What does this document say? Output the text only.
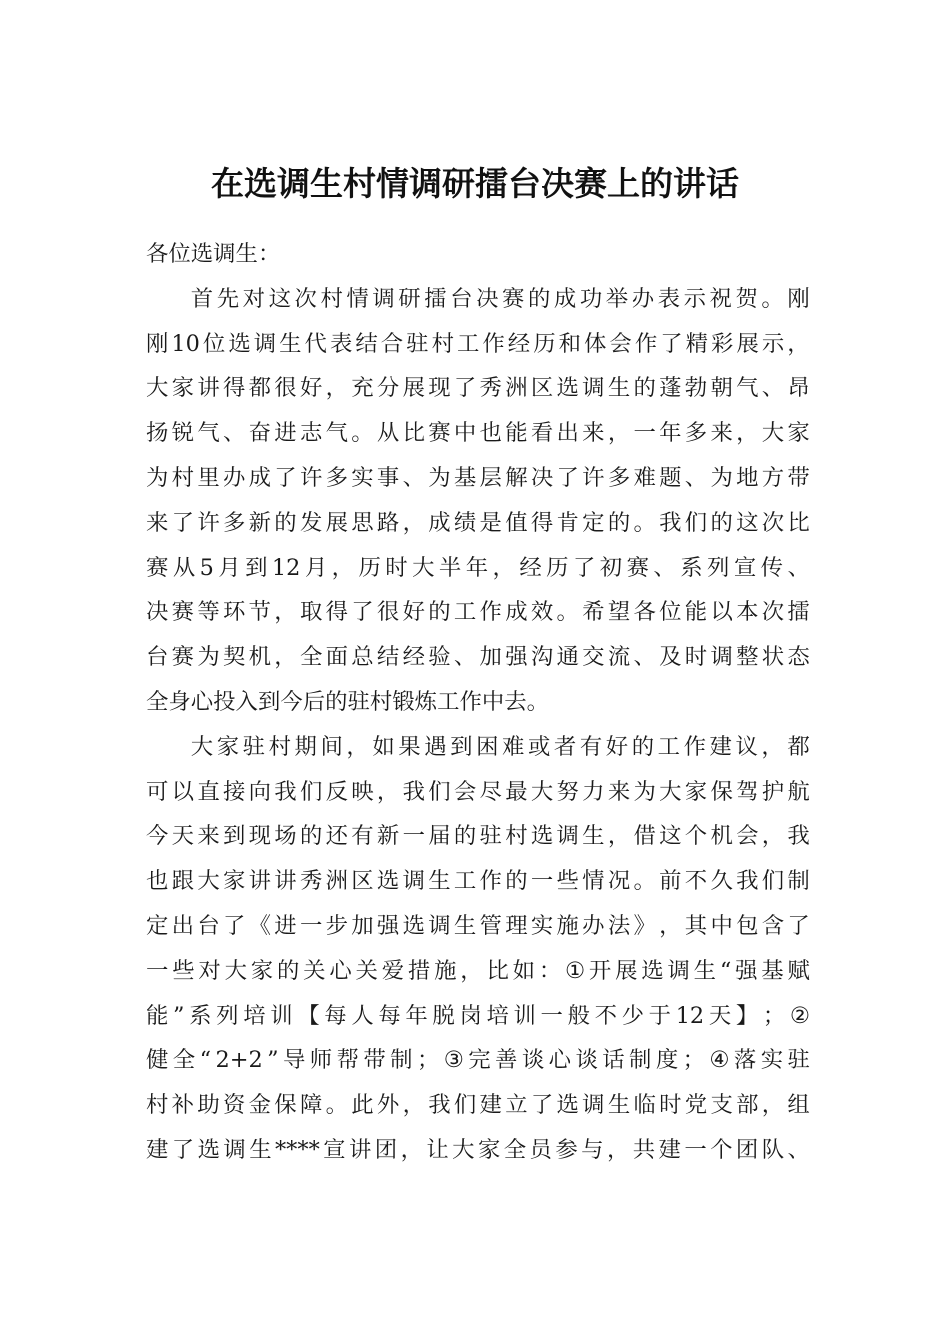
在选调生村情调研擂台决赛上的讲话
各位选调生：
首 先 对 这 次 村 情 调 研 擂 台 决 赛 的 成 功 举 办 表 示 祝 贺 。 刚
刚 10 位 选 调 生 代 表 结 合 驻 村 工 作 经 历 和 体 会 作 了 精 彩 展 示 ，
大 家 讲 得 都 很 好 ， 充 分 展 现 了 秀 洲 区 选 调 生 的 蓬 勃 朝 气 、 昂
扬 锐 气 、 奋 进 志 气 。 从 比 赛 中 也 能 看 出 来 ， 一 年 多 来 ， 大 家
为 村 里 办 成 了 许 多 实 事 、 为 基 层 解 决 了 许 多 难 题 、 为 地 方 带
来 了 许 多 新 的 发 展 思 路 ， 成 绩 是 值 得 肯 定 的 。 我 们 的 这 次 比
赛 从 5 月 到 12 月 ， 历 时 大 半 年 ， 经 历 了 初 赛 、 系 列 宣 传 、
决 赛 等 环 节 ， 取 得 了 很 好 的 工 作 成 效 。 希 望 各 位 能 以 本 次 擂
台 赛 为 契 机 ， 全 面 总 结 经 验 、 加 强 沟 通 交 流 、 及 时 调 整 状 态
全身心投入到今后的驻村锻炼工作中去。
大 家 驻 村 期 间 ， 如 果 遇 到 困 难 或 者 有 好 的 工 作 建 议 ， 都
可 以 直 接 向 我 们 反 映 ， 我 们 会 尽 最 大 努 力 来 为 大 家 保 驾 护 航
今 天 来 到 现 场 的 还 有 新 一 届 的 驻 村 选 调 生 ， 借 这 个 机 会 ， 我
也 跟 大 家 讲 讲 秀 洲 区 选 调 生 工 作 的 一 些 情 况 。 前 不 久 我 们 制
定 出 台 了 《 进 一 步 加 强 选 调 生 管 理 实 施 办 法 》 ， 其 中 包 含 了
一 些 对 大 家 的 关 心 关 爱 措 施 ， 比 如 ： ① 开 展 选 调 生 “ 强 基 赋
能 ” 系 列 培 训 【 每 人 每 年 脱 岗 培 训 一 般 不 少 于 12 天 】 ； ②
健 全 “ 2+2 ” 导 师 帮 带 制 ； ③ 完 善 谈 心 谈 话 制 度 ； ④ 落 实 驻
村 补 助 资 金 保 障 。 此 外 ， 我 们 建 立 了 选 调 生 临 时 党 支 部 ， 组
建 了 选 调 生 **** 宣 讲 团 ， 让 大 家 全 员 参 与 ， 共 建 一 个 团 队 、
